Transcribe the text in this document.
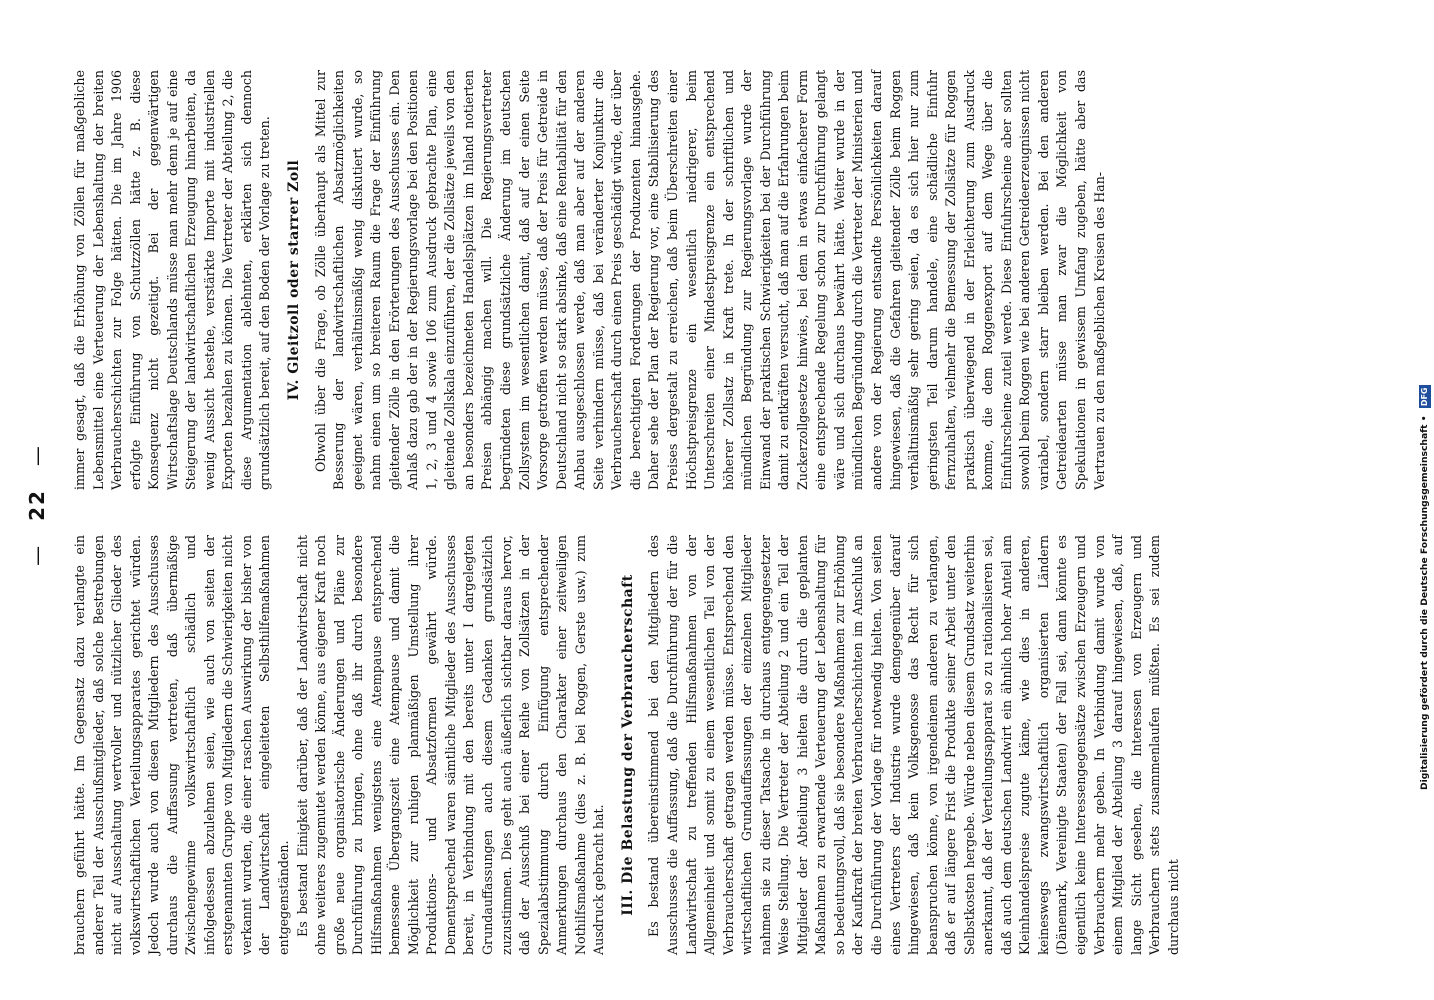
— 22 —

brauchern geführt hätte. Im Gegensatz dazu verlangte ein anderer Teil der Ausschußmitglieder, daß solche Bestrebungen nicht auf Ausschaltung wertvoller und nützlicher Glieder des volkswirtschaftlichen Verteilungsapparates gerichtet würden. Jedoch wurde auch von diesen Mitgliedern des Ausschusses durchaus die Auffassung vertreten, daß übermäßige Zwischengewinne volkswirtschaftlich schädlich und infolgedessen abzulehnen seien, wie auch von seiten der erstgenannten Gruppe von Mitgliedern die Schwierigkeiten nicht verkannt wurden, die einer raschen Auswirkung der bisher von der Landwirtschaft eingeleiteten Selbsthilfemaßnahmen entgegenständen. Es bestand Einigkeit darüber, daß der Landwirtschaft nicht ohne weiteres zugemutet werden könne, aus eigener Kraft noch große neue organisatorische Änderungen und Pläne zur Durchführung zu bringen, ohne daß ihr durch besondere Hilfsmaßnahmen wenigstens eine Atempause entsprechend bemessene Übergangszeit eine Atempause und damit die Möglichkeit zur ruhigen planmäßigen Umstellung ihrer Produktions- und Absatzformen gewährt würde. Dementsprechend waren sämtliche Mitglieder des Ausschusses bereit, in Verbindung mit den bereits unter I dargelegten Grundauffassungen auch diesem Gedanken grundsätzlich zuzustimmen. Dies geht auch äußerlich sichtbar daraus hervor, daß der Ausschuß bei einer Reihe von Zollsätzen in der Spezialabstimmung durch Einfügung entsprechender Anmerkungen durchaus den Charakter einer zeitweiligen Nothilfsmaßnahme (dies z. B. bei Roggen, Gerste usw.) zum Ausdruck gebracht hat. III. Die Belastung der Verbraucherschaft Es bestand übereinstimmend bei den Mitgliedern des Ausschusses die Auffassung, daß die Durchführung der für die Landwirtschaft zu treffenden Hilfsmaßnahmen von der Allgemeinheit und somit zu einem wesentlichen Teil von der Verbraucherschaft getragen werden müsse. Entsprechend den wirtschaftlichen Grundauffassungen der einzelnen Mitglieder nahmen sie zu dieser Tatsache in durchaus entgegengesetzter Weise Stellung. Die Vertreter der Abteilung 2 und ein Teil der Mitglieder der Abteilung 3 hielten die durch die geplanten Maßnahmen zu erwartende Verteuerung der Lebenshaltung für so bedeutungsvoll, daß sie besondere Maßnahmen zur Erhöhung der Kaufkraft der breiten Verbraucherschichten im Anschluß an die Durchführung der Vorlage für notwendig hielten. Von seiten eines Vertreters der Industrie wurde demgegenüber darauf hingewiesen, daß kein Volksgenosse das Recht für sich beanspruchen könne, von irgendeinem anderen zu verlangen, daß er auf längere Frist die Produkte seiner Arbeit unter den Selbstkosten hergebe. Würde neben diesem Grundsatz weiterhin anerkannt, daß der Verteilungsapparat so zu rationalisieren sei, daß auch dem deutschen Landwirt ein ähnlich hoher Anteil am Kleinhandelspreise zugute käme, wie dies in anderen, keineswegs zwangswirtschaftlich organisierten Ländern (Dänemark, Vereinigte Staaten) der Fall sei, dann könnte es eigentlich keine Interessengegensätze zwischen Erzeugern und Verbrauchern mehr geben. In Verbindung damit wurde von einem Mitglied der Abteilung 3 darauf hingewiesen, daß, auf lange Sicht gesehen, die Interessen von Erzeugern und Verbrauchern stets zusammenlaufen müßten. Es sei zudem durchaus nicht

immer gesagt, daß die Erhöhung von Zöllen für maßgebliche Lebensmittel eine Verteuerung der Lebenshaltung der breiten Verbraucherschichten zur Folge hätten. Die im Jahre 1906 erfolgte Einführung von Schutzzöllen hätte z. B. diese Konsequenz nicht gezeitigt. Bei der gegenwärtigen Wirtschaftslage Deutschlands müsse man mehr denn je auf eine Steigerung der landwirtschaftlichen Erzeugung hinarbeiten, da wenig Aussicht bestehe, verstärkte Importe mit industriellen Exporten bezahlen zu können. Die Vertreter der Abteilung 2, die diese Argumentation ablehnten, erklärten sich dennoch grundsätzlich bereit, auf den Boden der Vorlage zu treten. IV. Gleitzoll oder starrer Zoll Obwohl über die Frage, ob Zölle überhaupt als Mittel zur Besserung der landwirtschaftlichen Absatzmöglichkeiten geeignet wären, verhältnismäßig wenig diskutiert wurde, so nahm einen um so breiteren Raum die Frage der Einführung gleitender Zölle in den Erörterungen des Ausschusses ein. Den Anlaß dazu gab der in der Regierungsvorlage bei den Positionen 1, 2, 3 und 4 sowie 106 zum Ausdruck gebrachte Plan, eine gleitende Zollskala einzuführen, der die Zollsätze jeweils von den an besonders bezeichneten Handelsplätzen im Inland notierten Preisen abhängig machen will. Die Regierungsvertreter begründeten diese grundsätzliche Änderung im deutschen Zollsystem im wesentlichen damit, daß auf der einen Seite Vorsorge getroffen werden müsse, daß der Preis für Getreide in Deutschland nicht so stark absinke, daß eine Rentabilität für den Anbau ausgeschlossen werde, daß man aber auf der anderen Seite verhindern müsse, daß bei veränderter Konjunktur die Verbraucherschaft durch einen Preis geschädigt würde, der über die berechtigten Forderungen der Produzenten hinausgehe. Daher sehe der Plan der Regierung vor, eine Stabilisierung des Preises dergestalt zu erreichen, daß beim Überschreiten einer Höchstpreisgrenze ein wesentlich niedrigerer, beim Unterschreiten einer Mindestpreisgrenze ein entsprechend höherer Zollsatz in Kraft trete. In der schriftlichen und mündlichen Begründung zur Regierungsvorlage wurde der Einwand der praktischen Schwierigkeiten bei der Durchführung damit zu entkräften versucht, daß man auf die Erfahrungen beim Zuckerzollgesetze hinwies, bei dem in etwas einfacherer Form eine entsprechende Regelung schon zur Durchführung gelangt wäre und sich durchaus bewährt hätte. Weiter wurde in der mündlichen Begründung durch die Vertreter der Ministerien und andere von der Regierung entsandte Persönlichkeiten darauf hingewiesen, daß die Gefahren gleitender Zölle beim Roggen verhältnismäßig sehr gering seien, da es sich hier nur zum geringsten Teil darum handele, eine schädliche Einfuhr fernzuhalten, vielmehr die Bemessung der Zollsätze für Roggen praktisch überwiegend in der Erleichterung zum Ausdruck komme, die dem Roggenexport auf dem Wege über die Einfuhrscheine zuteil werde. Diese Einfuhrscheine aber sollten sowohl beim Roggen wie bei anderen Getreideerzeugnissen nicht variabel, sondern starr bleiben werden. Bei den anderen Getreidearten müsse man zwar die Möglichkeit von Spekulationen in gewissem Umfang zugeben, hätte aber das Vertrauen zu den maßgeblichen Kreisen des Han-

Digitalisierung gefördert durch die Deutsche Forschungsgemeinschaft • DFG
